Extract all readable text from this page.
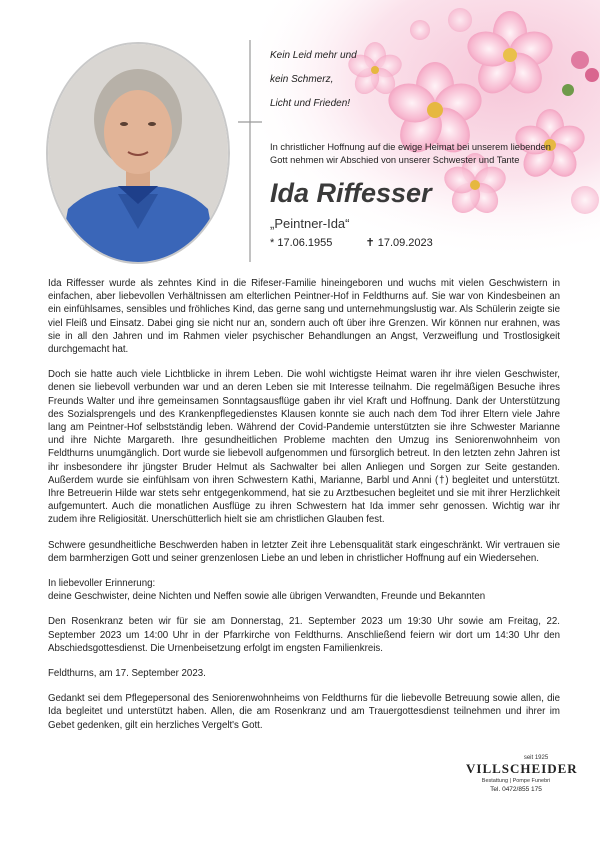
Kein Leid mehr und
kein Schmerz,
Licht und Frieden!
In christlicher Hoffnung auf die ewige Heimat bei unserem liebenden Gott nehmen wir Abschied von unserer Schwester und Tante
Ida Riffesser
„Peintner-Ida“
* 17.06.1955	✝ 17.09.2023

Ida Riffesser wurde als zehntes Kind in die Rifeser-Familie hineingeboren und wuchs mit vielen Geschwistern in einfachen, aber liebevollen Verhältnissen am elterlichen Peintner-Hof in Feldthurns auf. Sie war von Kindesbeinen an ein einfühlsames, sensibles und fröhliches Kind, das gerne sang und unternehmungslustig war. Als Schülerin zeigte sie viel Fleiß und Einsatz. Dabei ging sie nicht nur an, sondern auch oft über ihre Grenzen. Wir können nur erahnen, was sie in all den Jahren und im Rahmen vieler psychischer Behandlungen an Angst, Verzweiflung und Trostlosigkeit durchgemacht hat.

Doch sie hatte auch viele Lichtblicke in ihrem Leben. Die wohl wichtigste Heimat waren ihr ihre vielen Geschwister, denen sie liebevoll verbunden war und an deren Leben sie mit Interesse teilnahm. Die regelmäßigen Besuche ihres Freunds Walter und ihre gemeinsamen Sonntagsausflüge gaben ihr viel Kraft und Hoffnung. Dank der Unterstützung des Sozialsprengels und des Krankenpflegedienstes Klausen konnte sie auch nach dem Tod ihrer Eltern viele Jahre lang am Peintner-Hof selbstständig leben. Während der Covid-Pandemie unterstützten sie ihre Schwester Marianne und ihre Nichte Margareth. Ihre gesundheitlichen Probleme machten den Umzug ins Seniorenwohnheim von Feldthurns unumgänglich. Dort wurde sie liebevoll aufgenommen und fürsorglich betreut. In den letzten zehn Jahren ist ihr insbesondere ihr jüngster Bruder Helmut als Sachwalter bei allen Anliegen und Sorgen zur Seite gestanden. Außerdem wurde sie einfühlsam von ihren Schwestern Kathi, Marianne, Barbl und Anni (†) begleitet und unterstützt. Ihre Betreuerin Hilde war stets sehr entgegenkommend, hat sie zu Arztbesuchen begleitet und sie mit ihrer Herzlichkeit aufgemuntert. Auch die monatlichen Ausflüge zu ihren Schwestern hat Ida immer sehr genossen. Wichtig war ihr zudem ihre Religiosität. Unerschütterlich hielt sie am christlichen Glauben fest.

Schwere gesundheitliche Beschwerden haben in letzter Zeit ihre Lebensqualität stark eingeschränkt. Wir vertrauen sie dem barmherzigen Gott und seiner grenzenlosen Liebe an und leben in christlicher Hoffnung auf ein Wiedersehen.

In liebevoller Erinnerung:

deine Geschwister, deine Nichten und Neffen sowie alle übrigen Verwandten, Freunde und Bekannten

Den Rosenkranz beten wir für sie am Donnerstag, 21. September 2023 um 19:30 Uhr sowie am Freitag, 22. September 2023 um 14:00 Uhr in der Pfarrkirche von Feldthurns. Anschließend feiern wir dort um 14:30 Uhr den Abschiedsgottesdienst. Die Urnenbeisetzung erfolgt im engsten Familienkreis.

Feldthurns, am 17. September 2023.

Gedankt sei dem Pflegepersonal des Seniorenwohnheims von Feldthurns für die liebevolle Betreuung sowie allen, die Ida begleitet und unterstützt haben. Allen, die am Rosenkranz und am Trauergottesdienst teilnehmen und ihrer im Gebet gedenken, gilt ein herzliches Vergelt's Gott.

seit 1925
VILLSCHEIDER
Bestattung | Pompe Funebri
Tel. 0472/855 175
